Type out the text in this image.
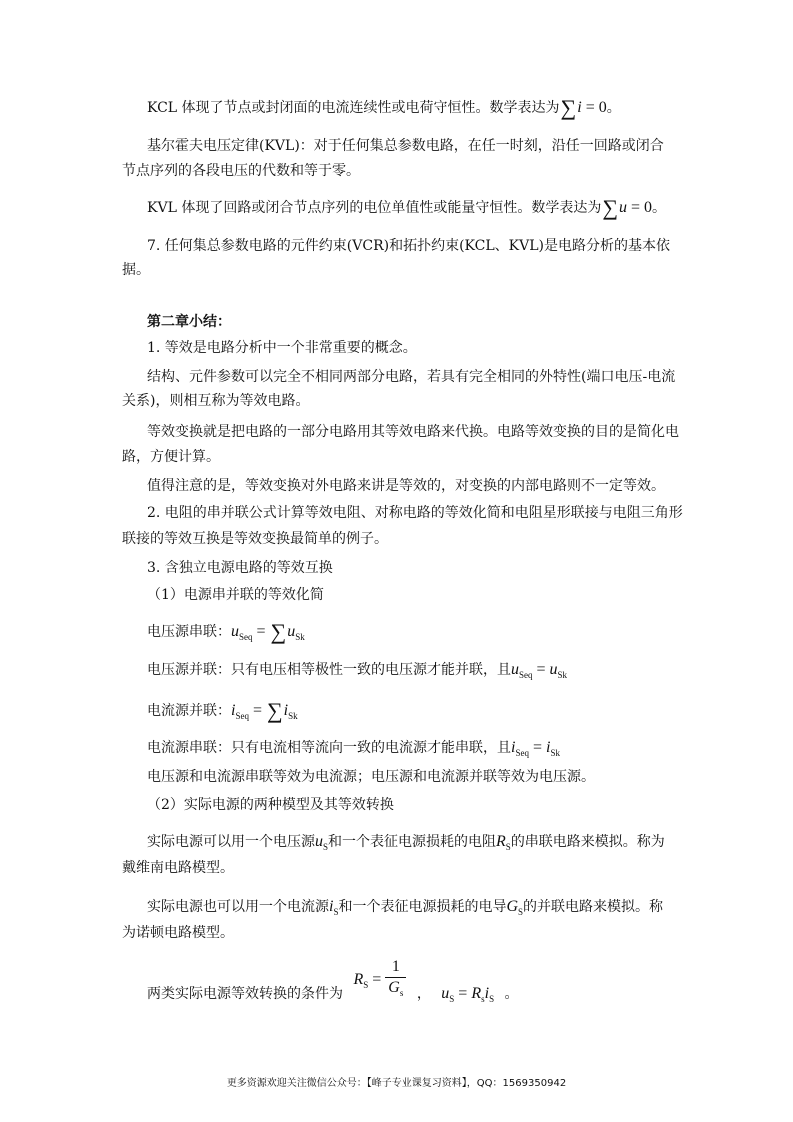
KCL 体现了节点或封闭面的电流连续性或电荷守恒性。数学表达为∑i = 0。
基尔霍夫电压定律(KVL)：对于任何集总参数电路，在任一时刻，沿任一回路或闭合
节点序列的各段电压的代数和等于零。
KVL 体现了回路或闭合节点序列的电位单值性或能量守恒性。数学表达为∑u = 0。
7. 任何集总参数电路的元件约束(VCR)和拓扑约束(KCL、KVL)是电路分析的基本依
据。
第二章小结：
1. 等效是电路分析中一个非常重要的概念。
结构、元件参数可以完全不相同两部分电路，若具有完全相同的外特性(端口电压-电流
关系)，则相互称为等效电路。
等效变换就是把电路的一部分电路用其等效电路来代换。电路等效变换的目的是简化电
路，方便计算。
值得注意的是，等效变换对外电路来讲是等效的，对变换的内部电路则不一定等效。
2. 电阻的串并联公式计算等效电阻、对称电路的等效化简和电阻星形联接与电阻三角形
联接的等效互换是等效变换最简单的例子。
3. 含独立电源电路的等效互换
（1）电源串并联的等效化简
电压源串联：$u_{Seq} = \sum u_{Sk}$
电压源并联：只有电压相等极性一致的电压源才能并联，且$u_{Seq} = u_{Sk}$
电流源并联：$i_{Seq} = \sum i_{Sk}$
电流源串联：只有电流相等流向一致的电流源才能串联，且$i_{Seq} = i_{Sk}$
电压源和电流源串联等效为电流源；电压源和电流源并联等效为电压源。
（2）实际电源的两种模型及其等效转换
实际电源可以用一个电压源$u_S$和一个表征电源损耗的电阻$R_S$的串联电路来模拟。称为
戴维南电路模型。
实际电源也可以用一个电流源$i_S$和一个表征电源损耗的电导$G_S$的并联电路来模拟。称
为诺顿电路模型。
两类实际电源等效转换的条件为 $R_S = \frac{1}{G_s}$ ， $u_S = R_si_S$ 。
更多资源欢迎关注微信公众号：【峰子专业课复习资料】，QQ：1569350942
